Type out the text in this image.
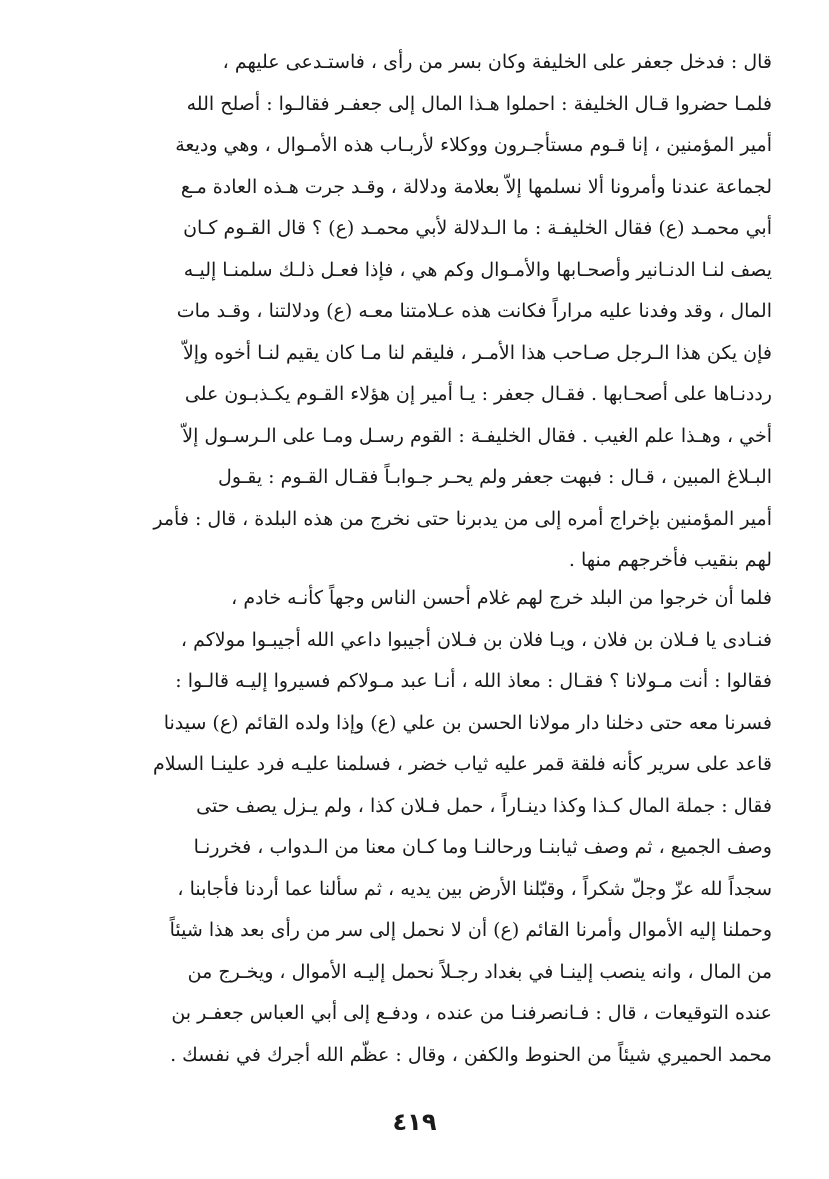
قال : فدخل جعفر على الخليفة وكان بسر من رأى ، فاستـدعى عليهم ،
فلمـا حضروا قـال الخليفة : احملوا هـذا المال إلى جعفـر فقالـوا : أصلح الله
أمير المؤمنين ، إنا قـوم مستأجـرون ووكلاء لأربـاب هذه الأمـوال ، وهي وديعة
لجماعة عندنا وأمرونا ألا نسلمها إلاّ بعلامة ودلالة ، وقـد جرت هـذه العادة مـع
أبي محمـد (ع) فقال الخليفـة : ما الـدلالة لأبي محمـد (ع) ؟ قال القـوم كـان
يصف لنـا الدنـانير وأصحـابها والأمـوال وكم هي ، فإذا فعـل ذلـك سلمنـا إليـه
المال ، وقد وفدنا عليه مراراً فكانت هذه عـلامتنا معـه (ع) ودلالتنا ، وقـد مات
فإن يكن هذا الـرجل صـاحب هذا الأمـر ، فليقم لنا مـا كان يقيم لنـا أخوه وإلاّ
رددنـاها على أصحـابها . فقـال جعفر : يـا أمير إن هؤلاء القـوم يكـذبـون على
أخي ، وهـذا علم الغيب . فقال الخليفـة : القوم رسـل ومـا على الـرسـول إلاّ
البـلاغ المبين ، قـال : فبهت جعفر ولم يحـر جـوابـاً فقـال القـوم : يقـول
أمير المؤمنين بإخراج أمره إلى من يدبرنا حتى نخرج من هذه البلدة ، قال : فأمر
لهم بنقيب فأخرجهم منها .
فلما أن خرجوا من البلد خرج لهم غلام أحسن الناس وجهاً كأنـه خادم ،
فنـادى يا فـلان بن فلان ، ويـا فلان بن فـلان أجيبوا داعي الله أجيبـوا مولاكم ،
فقالوا : أنت مـولانا ؟ فقـال : معاذ الله ، أنـا عبد مـولاكم فسيروا إليـه قالـوا :
فسرنا معه حتى دخلنا دار مولانا الحسن بن علي (ع) وإذا ولده القائم (ع) سيدنا
قاعد على سرير كأنه فلقة قمر عليه ثياب خضر ، فسلمنا عليـه فرد علينـا السلام
فقال : جملة المال كـذا وكذا دينـاراً ، حمل فـلان كذا ، ولم يـزل يصف حتى
وصف الجميع ، ثم وصف ثيابنـا ورحالنـا وما كـان معنا من الـدواب ، فخررنـا
سجداً لله عزّ وجلّ شكراً ، وقبّلنا الأرض بين يديه ، ثم سألنا عما أردنا فأجابنا ،
وحملنا إليه الأموال وأمرنا القائم (ع) أن لا نحمل إلى سر من رأى بعد هذا شيئاً
من المال ، وانه ينصب إلينـا في بغداد رجـلاً نحمل إليـه الأموال ، ويخـرج من
عنده التوقيعات ، قال : فـانصرفنـا من عنده ، ودفـع إلى أبي العباس جعفـر بن
محمد الحميري شيئاً من الحنوط والكفن ، وقال : عظّم الله أجرك في نفسك .
٤١٩
